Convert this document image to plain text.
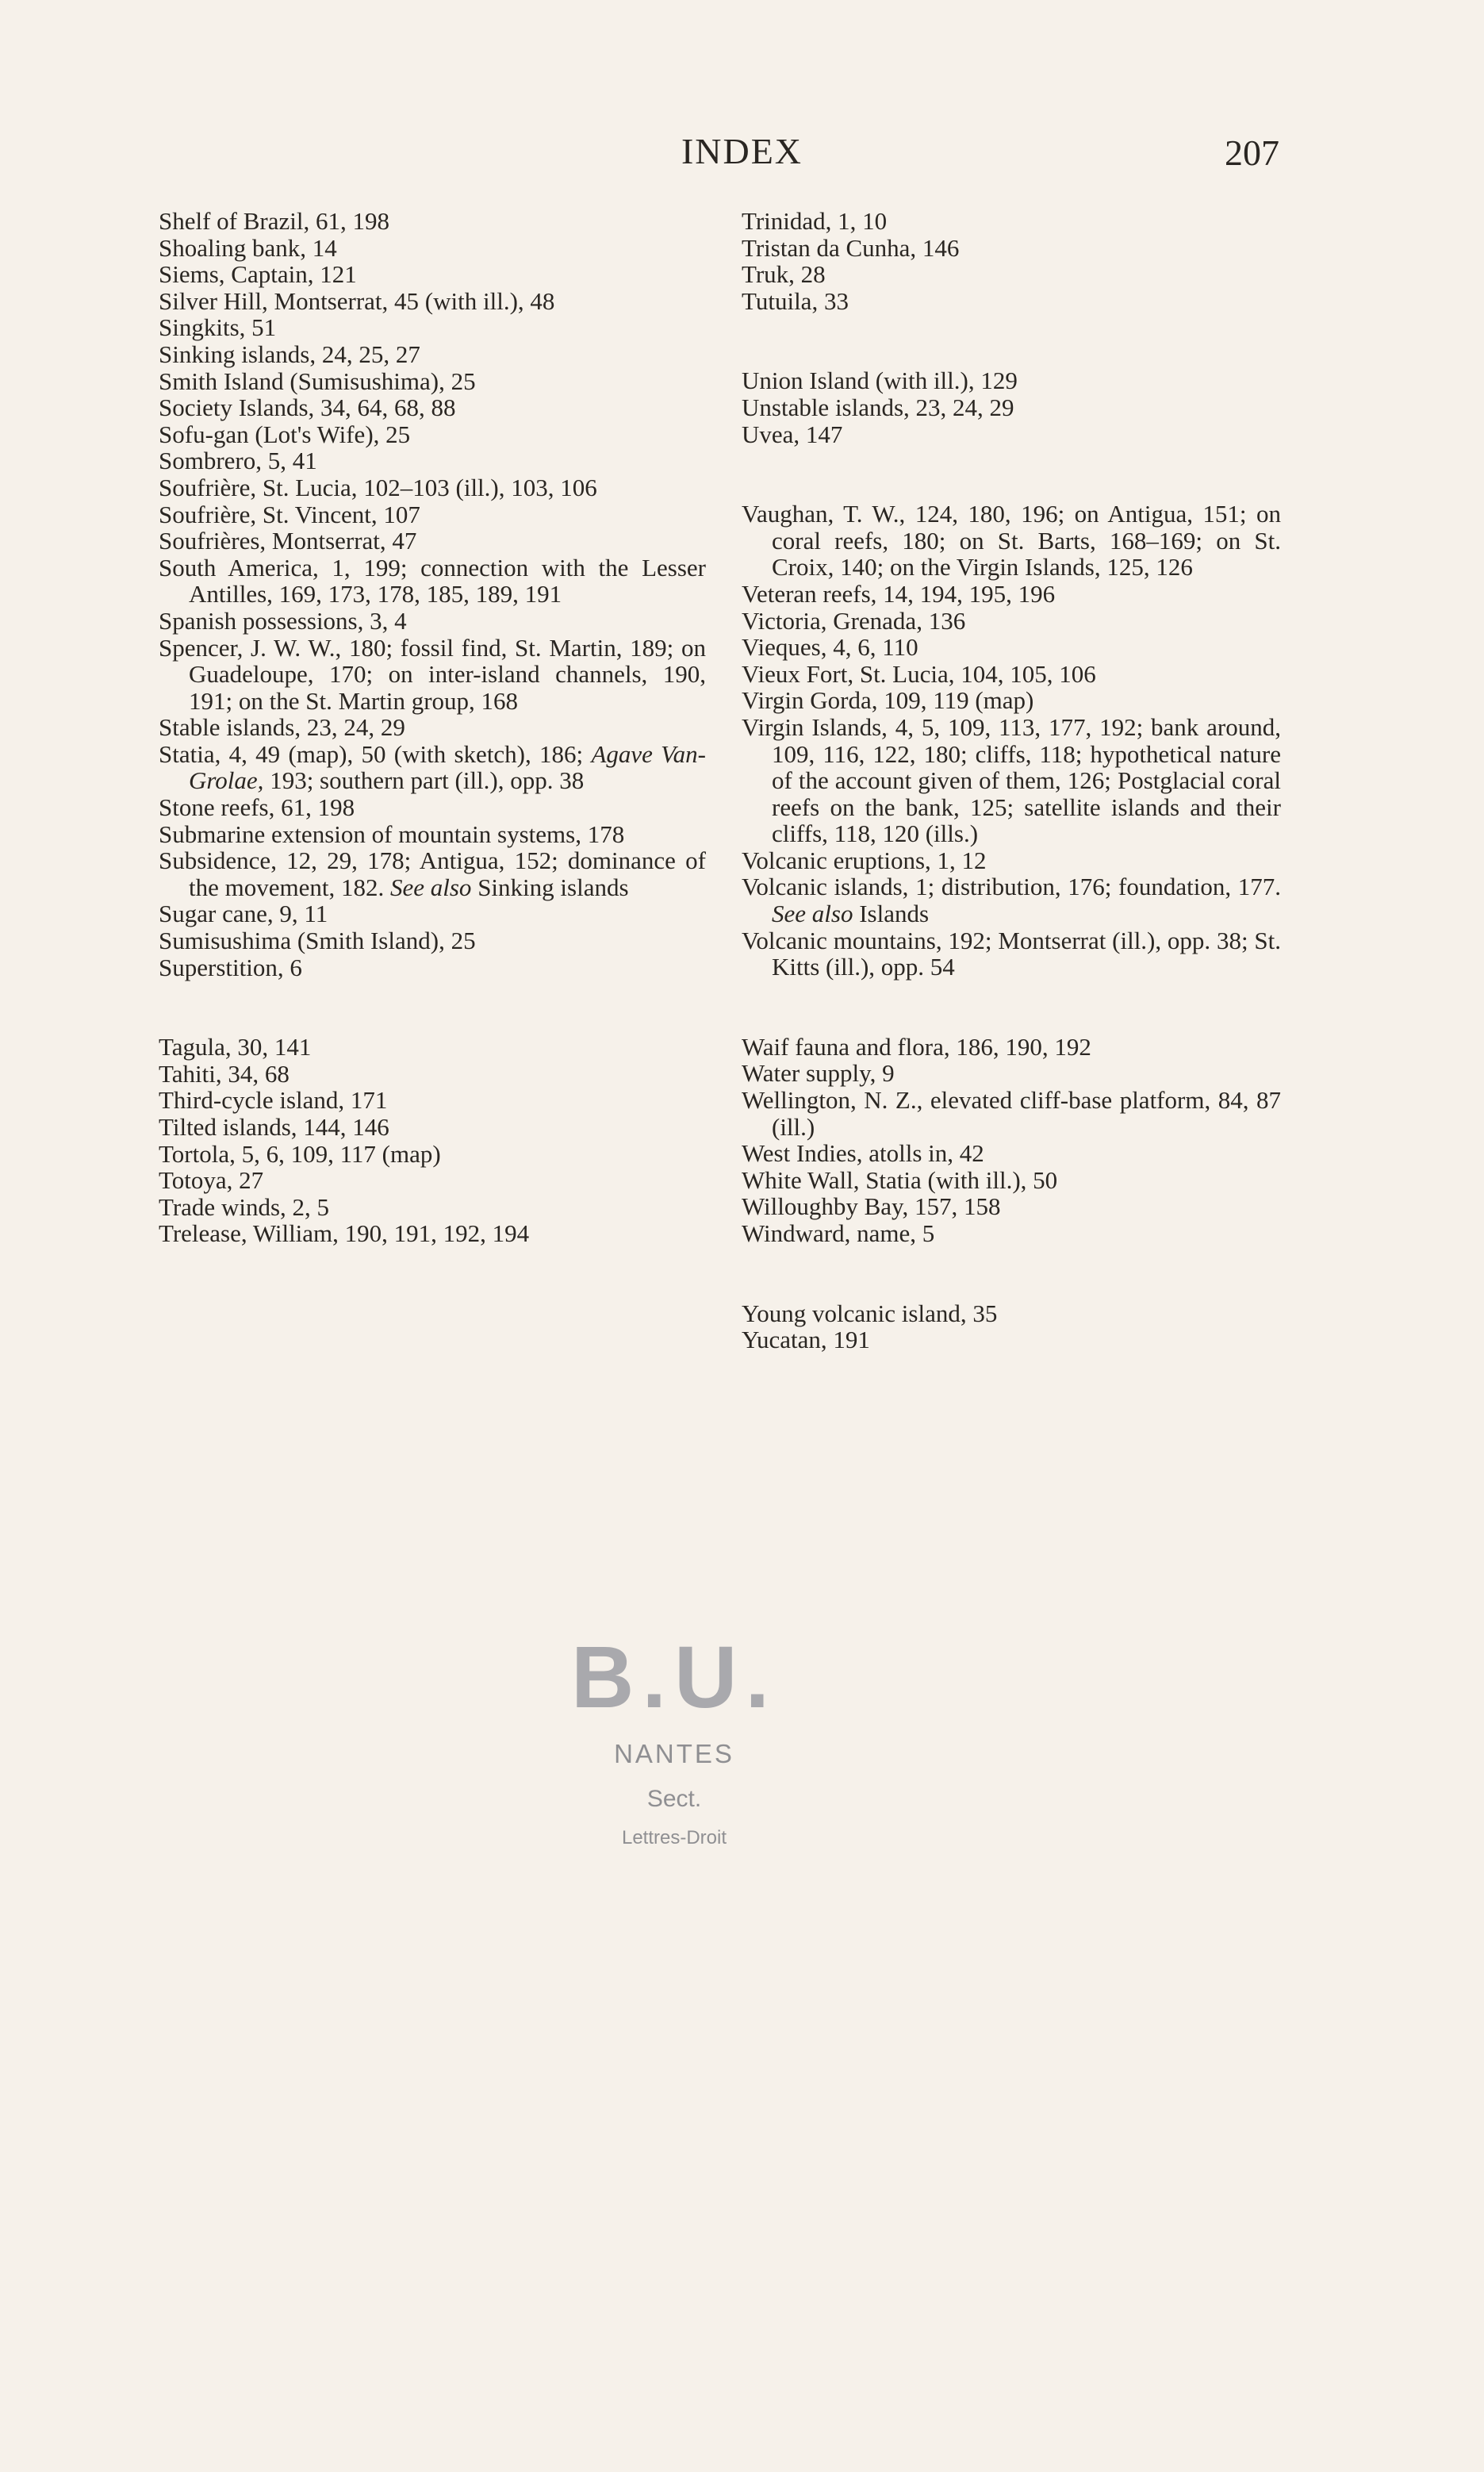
INDEX	207
Shelf of Brazil, 61, 198
Shoaling bank, 14
Siems, Captain, 121
Silver Hill, Montserrat, 45 (with ill.), 48
Singkits, 51
Sinking islands, 24, 25, 27
Smith Island (Sumisushima), 25
Society Islands, 34, 64, 68, 88
Sofu-gan (Lot's Wife), 25
Sombrero, 5, 41
Soufrière, St. Lucia, 102–103 (ill.), 103, 106
Soufrière, St. Vincent, 107
Soufrières, Montserrat, 47
South America, 1, 199; connection with the Lesser Antilles, 169, 173, 178, 185, 189, 191
Spanish possessions, 3, 4
Spencer, J. W. W., 180; fossil find, St. Martin, 189; on Guadeloupe, 170; on inter-island channels, 190, 191; on the St. Martin group, 168
Stable islands, 23, 24, 29
Statia, 4, 49 (map), 50 (with sketch), 186; Agave Van-Grolae, 193; southern part (ill.), opp. 38
Stone reefs, 61, 198
Submarine extension of mountain systems, 178
Subsidence, 12, 29, 178; Antigua, 152; dominance of the movement, 182. See also Sinking islands
Sugar cane, 9, 11
Sumisushima (Smith Island), 25
Superstition, 6
Tagula, 30, 141
Tahiti, 34, 68
Third-cycle island, 171
Tilted islands, 144, 146
Tortola, 5, 6, 109, 117 (map)
Totoya, 27
Trade winds, 2, 5
Trelease, William, 190, 191, 192, 194
Trinidad, 1, 10
Tristan da Cunha, 146
Truk, 28
Tutuila, 33
Union Island (with ill.), 129
Unstable islands, 23, 24, 29
Uvea, 147
Vaughan, T. W., 124, 180, 196; on Antigua, 151; on coral reefs, 180; on St. Barts, 168–169; on St. Croix, 140; on the Virgin Islands, 125, 126
Veteran reefs, 14, 194, 195, 196
Victoria, Grenada, 136
Vieques, 4, 6, 110
Vieux Fort, St. Lucia, 104, 105, 106
Virgin Gorda, 109, 119 (map)
Virgin Islands, 4, 5, 109, 113, 177, 192; bank around, 109, 116, 122, 180; cliffs, 118; hypothetical nature of the account given of them, 126; Postglacial coral reefs on the bank, 125; satellite islands and their cliffs, 118, 120 (ills.)
Volcanic eruptions, 1, 12
Volcanic islands, 1; distribution, 176; foundation, 177. See also Islands
Volcanic mountains, 192; Montserrat (ill.), opp. 38; St. Kitts (ill.), opp. 54
Waif fauna and flora, 186, 190, 192
Water supply, 9
Wellington, N. Z., elevated cliff-base platform, 84, 87 (ill.)
West Indies, atolls in, 42
White Wall, Statia (with ill.), 50
Willoughby Bay, 157, 158
Windward, name, 5
Young volcanic island, 35
Yucatan, 191
B.U.
NANTES
Sect.
Lettres-Droit
